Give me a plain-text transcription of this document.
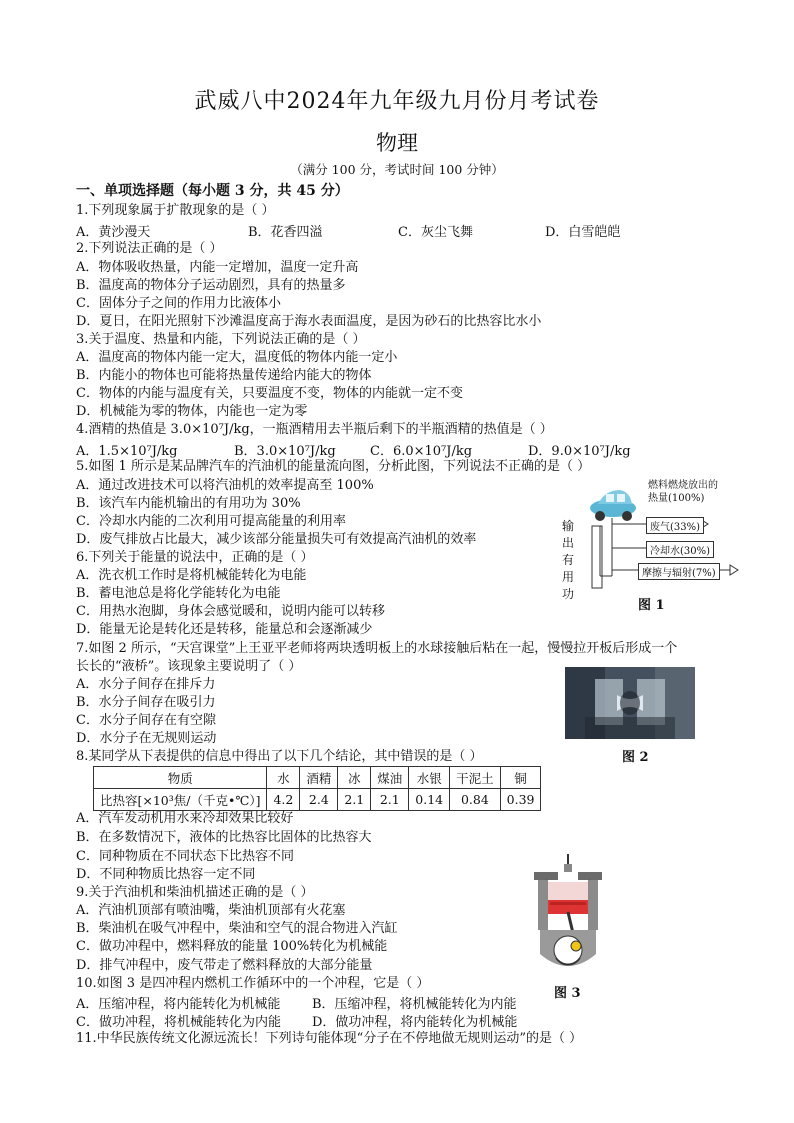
武威八中2024年九年级九月份月考试卷
物理
（满分 100 分，考试时间 100 分钟）
一、单项选择题（每小题 3 分，共 45 分）
1.下列现象属于扩散现象的是（ ）
A．黄沙漫天	B．花香四溢	C．灰尘飞舞	D．白雪皑皑
2.下列说法正确的是（ ）
A．物体吸收热量，内能一定增加，温度一定升高
B．温度高的物体分子运动剧烈，具有的热量多
C．固体分子之间的作用力比液体小
D．夏日，在阳光照射下沙滩温度高于海水表面温度，是因为砂石的比热容比水小
3.关于温度、热量和内能，下列说法正确的是（ ）
A．温度高的物体内能一定大，温度低的物体内能一定小
B．内能小的物体也可能将热量传递给内能大的物体
C．物体的内能与温度有关，只要温度不变，物体的内能就一定不变
D．机械能为零的物体，内能也一定为零
4.酒精的热值是 3.0×10⁷J/kg，一瓶酒精用去半瓶后剩下的半瓶酒精的热值是（ ）
A．1.5×10⁷J/kg	B．3.0×10⁷J/kg	C．6.0×10⁷J/kg	D．9.0×10⁷J/kg
5.如图 1 所示是某品牌汽车的汽油机的能量流向图，分析此图，下列说法不正确的是（ ）
A．通过改进技术可以将汽油机的效率提高至 100%
B．该汽车内能机输出的有用功为 30%
C．冷却水内能的二次利用可提高能量的利用率
D．废气排放占比最大，减少该部分能量损失可有效提高汽油机的效率
燃料燃烧放出的
热量(100%)
废气(33%)
冷却水(30%)
摩擦与辐射(7%)
输
出
有
用
功
图 1
6.下列关于能量的说法中，正确的是（ ）
A．洗衣机工作时是将机械能转化为电能
B．蓄电池总是将化学能转化为电能
C．用热水泡脚，身体会感觉暖和，说明内能可以转移
D．能量无论是转化还是转移，能量总和会逐渐减少
7.如图 2 所示，“天宫课堂”上王亚平老师将两块透明板上的水球接触后粘在一起，慢慢拉开板后形成一个
长长的“液桥”。该现象主要说明了（ ）
A．水分子间存在排斥力
B．水分子间存在吸引力
C．水分子间存在有空隙
D．水分子在无规则运动
图 2
8.某同学从下表提供的信息中得出了以下几个结论，其中错误的是（ ）
物质	水	酒精	冰	煤油	水银	干泥土	铜
比热容[×10³焦/（千克•℃）]	4.2	2.4	2.1	2.1	0.14	0.84	0.39
A．汽车发动机用水来冷却效果比较好
B．在多数情况下，液体的比热容比固体的比热容大
C．同种物质在不同状态下比热容不同
D．不同种物质比热容一定不同
9.关于汽油机和柴油机描述正确的是（ ）
A．汽油机顶部有喷油嘴，柴油机顶部有火花塞
B．柴油机在吸气冲程中，柴油和空气的混合物进入汽缸
C．做功冲程中，燃料释放的能量 100%转化为机械能
D．排气冲程中，废气带走了燃料释放的大部分能量
图 3
10.如图 3 是四冲程内燃机工作循环中的一个冲程，它是（ ）
A．压缩冲程，将内能转化为机械能 B．压缩冲程，将机械能转化为内能
C．做功冲程，将机械能转化为内能 D．做功冲程，将内能转化为机械能
11.中华民族传统文化源远流长！下列诗句能体现“分子在不停地做无规则运动”的是（ ）
